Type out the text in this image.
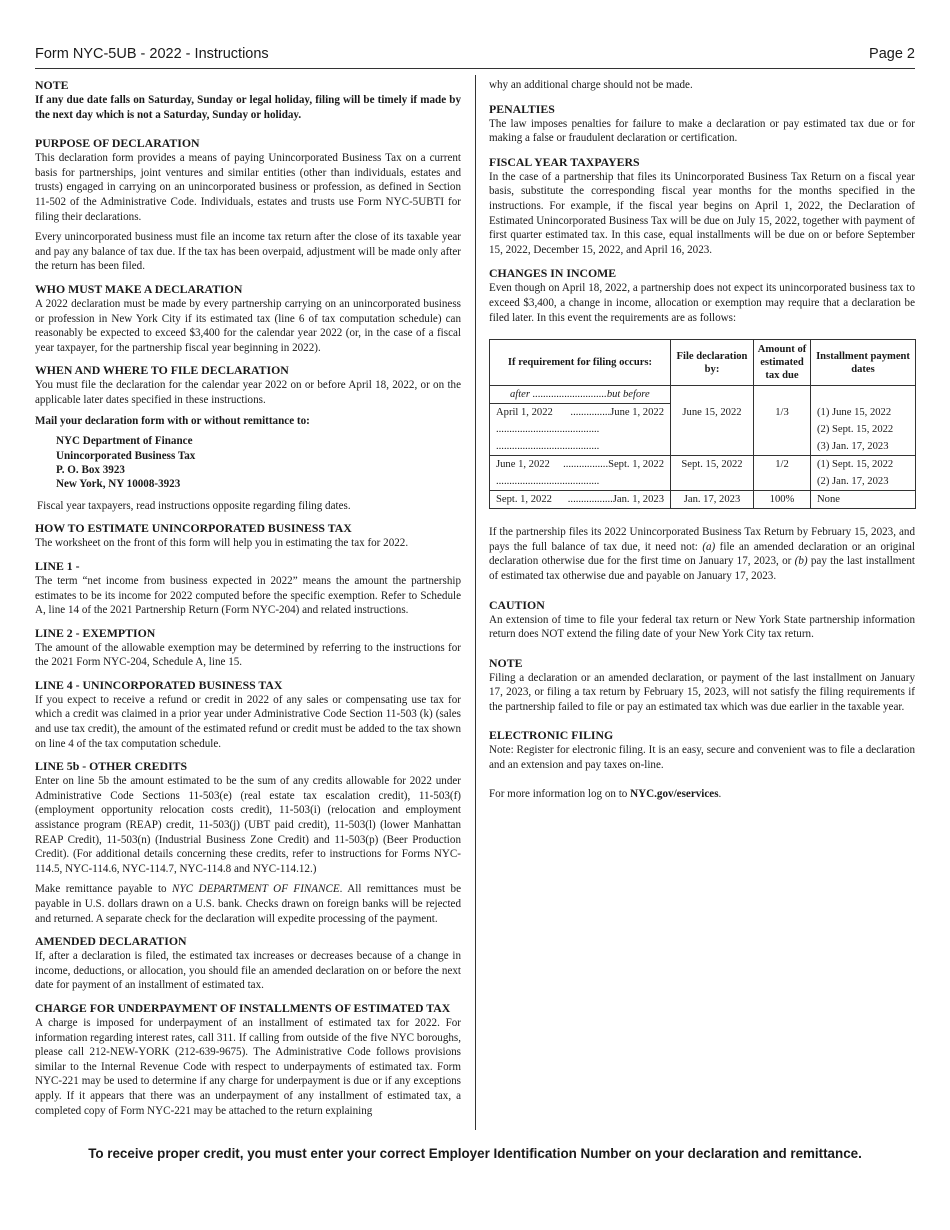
Form NYC-5UB - 2022 - Instructions	Page 2
NOTE

If any due date falls on Saturday, Sunday or legal holiday, filing will be timely if made by the next day which is not a Saturday, Sunday or holiday.

PURPOSE OF DECLARATION

This declaration form provides a means of paying Unincorporated Business Tax on a current basis for partnerships, joint ventures and similar entities (other than individuals, estates and trusts) engaged in carrying on an unincorporated business or profession, as defined in Section 11-502 of the Administrative Code. Individuals, estates and trusts use Form NYC-5UBTI for filing their declarations.

Every unincorporated business must file an income tax return after the close of its taxable year and pay any balance of tax due. If the tax has been overpaid, adjustment will be made only after the return has been filed.

WHO MUST MAKE A DECLARATION

A 2022 declaration must be made by every partnership carrying on an unincorporated business or profession in New York City if its estimated tax (line 6 of tax computation schedule) can reasonably be expected to exceed $3,400 for the calendar year 2022 (or, in the case of a fiscal year taxpayer, for the partnership fiscal year beginning in 2022).

WHEN AND WHERE TO FILE DECLARATION

You must file the declaration for the calendar year 2022 on or before April 18, 2022, or on the applicable later dates specified in these instructions.

Mail your declaration form with or without remittance to:

NYC Department of Finance
Unincorporated Business Tax
P. O. Box 3923
New York, NY 10008-3923

Fiscal year taxpayers, read instructions opposite regarding filing dates.

HOW TO ESTIMATE UNINCORPORATED BUSINESS TAX

The worksheet on the front of this form will help you in estimating the tax for 2022.

LINE 1 -

The term “net income from business expected in 2022” means the amount the partnership estimates to be its income for 2022 computed before the specific exemption. Refer to Schedule A, line 14 of the 2021 Partnership Return (Form NYC-204) and related instructions.

LINE 2 - EXEMPTION

The amount of the allowable exemption may be determined by referring to the instructions for the 2021 Form NYC-204, Schedule A, line 15.

LINE 4 - UNINCORPORATED BUSINESS TAX

If you expect to receive a refund or credit in 2022 of any sales or compensating use tax for which a credit was claimed in a prior year under Administrative Code Section 11-503 (k) (sales and use tax credit), the amount of the estimated refund or credit must be added to the tax shown on line 4 of the tax computation schedule.

LINE 5b - OTHER CREDITS

Enter on line 5b the amount estimated to be the sum of any credits allowable for 2022 under Administrative Code Sections 11-503(e) (real estate tax escalation credit), 11-503(f) (employment opportunity relocation costs credit), 11-503(i) (relocation and employment assistance program (REAP) credit, 11-503(j) (UBT paid credit), 11-503(l) (lower Manhattan REAP Credit), 11-503(n) (Industrial Business Zone Credit) and 11-503(p) (Beer Production Credit). (For additional details concerning these credits, refer to instructions for Forms NYC-114.5, NYC-114.6, NYC-114.7, NYC-114.8 and NYC-114.12.)

Make remittance payable to NYC DEPARTMENT OF FINANCE. All remittances must be payable in U.S. dollars drawn on a U.S. bank. Checks drawn on foreign banks will be rejected and returned. A separate check for the declaration will expedite processing of the payment.

AMENDED DECLARATION

If, after a declaration is filed, the estimated tax increases or decreases because of a change in income, deductions, or allocation, you should file an amended declaration on or before the next date for payment of an installment of estimated tax.

CHARGE FOR UNDERPAYMENT OF INSTALLMENTS OF ESTIMATED TAX

A charge is imposed for underpayment of an installment of estimated tax for 2022. For information regarding interest rates, call 311. If calling from outside of the five NYC boroughs, please call 212-NEW-YORK (212-639-9675). The Administrative Code follows provisions similar to the Internal Revenue Code with respect to underpayments of estimated tax. Form NYC-221 may be used to determine if any charge for underpayment is due or if any exceptions apply. If it appears that there was an underpayment of any installment of estimated tax, a completed copy of Form NYC-221 may be attached to the return explaining

why an additional charge should not be made.

PENALTIES

The law imposes penalties for failure to make a declaration or pay estimated tax due or for making a false or fraudulent declaration or certification.

FISCAL YEAR TAXPAYERS

In the case of a partnership that files its Unincorporated Business Tax Return on a fiscal year basis, substitute the corresponding fiscal year months for the months specified in the instructions. For example, if the fiscal year begins on April 1, 2022, the Declaration of Estimated Unincorporated Business Tax will be due on July 15, 2022, together with payment of first quarter estimated tax. In this case, equal installments will be due on or before September 15, 2022, December 15, 2022, and April 16, 2023.

CHANGES IN INCOME

Even though on April 18, 2022, a partnership does not expect its unincorporated business tax to exceed $3,400, a change in income, allocation or exemption may require that a declaration be filed later. In this event the requirements are as follows:

If requirement for filing occurs:	File declaration by:	Amount of estimated tax due	Installment payment dates
after ............................but before			

April 1, 2022 ...............June 1, 2022	June 15, 2022	1/3	(1) June 15, 2022
.......................................			(2) Sept. 15, 2022
.......................................			(3) Jan. 17, 2023

June 1, 2022 .................Sept. 1, 2022	Sept. 15, 2022	1/2	(1) Sept. 15, 2022
.......................................			(2) Jan. 17, 2023

Sept. 1, 2022 .................Jan. 1, 2023	Jan. 17, 2023	100%	None

If the partnership files its 2022 Unincorporated Business Tax Return by February 15, 2023, and pays the full balance of tax due, it need not: (a) file an amended declaration or an original declaration otherwise due for the first time on January 17, 2023, or (b) pay the last installment of estimated tax otherwise due and payable on January 17, 2023.

CAUTION

An extension of time to file your federal tax return or New York State partnership information return does NOT extend the filing date of your New York City tax return.

NOTE

Filing a declaration or an amended declaration, or payment of the last installment on January 17, 2023, or filing a tax return by February 15, 2023, will not satisfy the filing requirements if the partnership failed to file or pay an estimated tax which was due earlier in the taxable year.

ELECTRONIC FILING

Note: Register for electronic filing. It is an easy, secure and convenient was to file a declaration and an extension and pay taxes on-line.

For more information log on to NYC.gov/eservices.

To receive proper credit, you must enter your correct Employer Identification Number on your declaration and remittance.
